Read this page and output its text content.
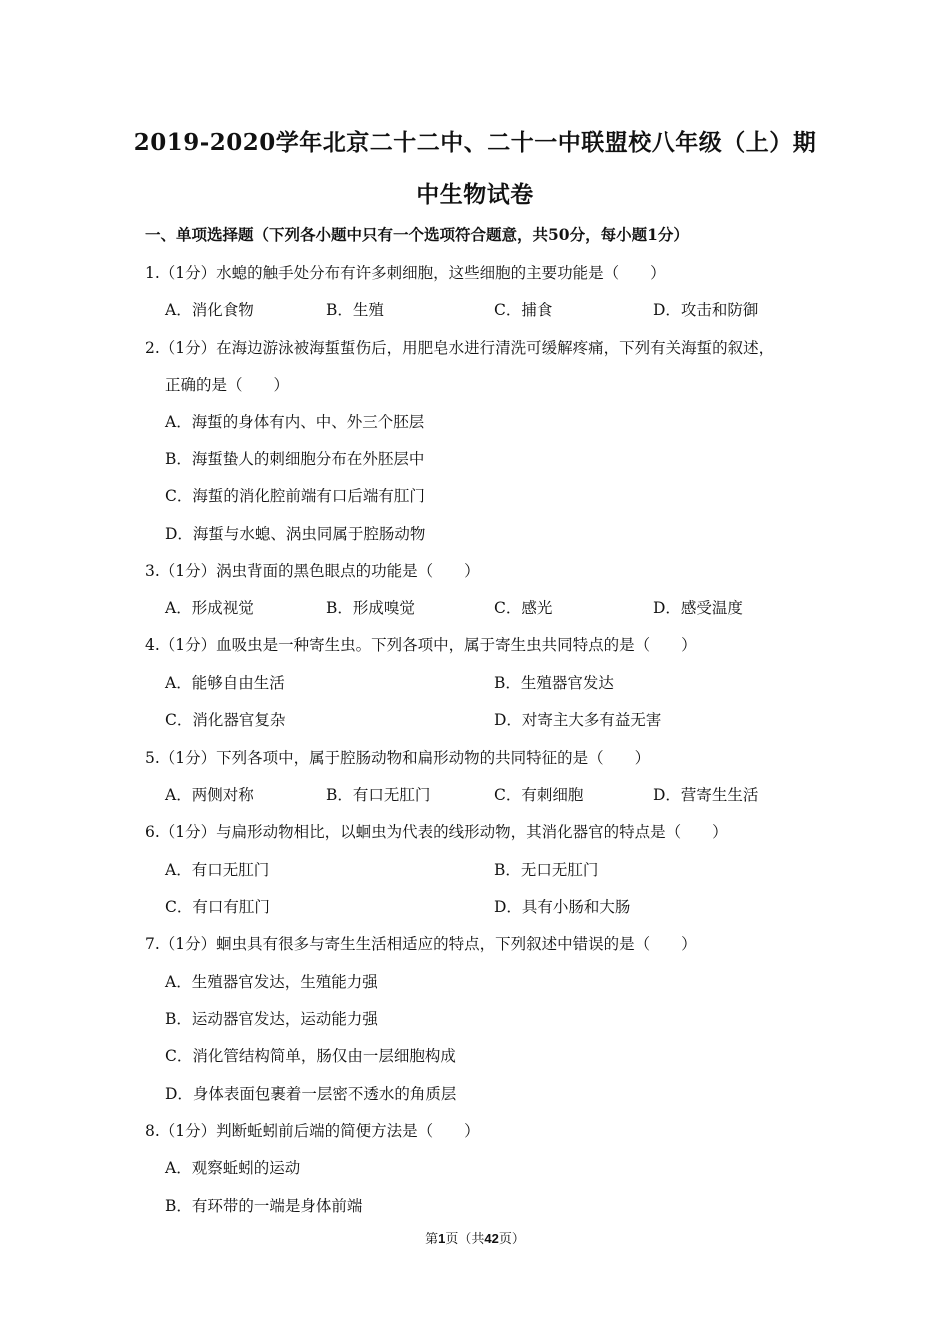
2019-2020学年北京二十二中、二十一中联盟校八年级（上）期
中生物试卷
一、单项选择题（下列各小题中只有一个选项符合题意，共50分，每小题1分）
1.（1分）水螅的触手处分布有许多刺细胞，这些细胞的主要功能是（　　）
A．消化食物	B．生殖	C．捕食	D．攻击和防御
2.（1分）在海边游泳被海蜇蜇伤后，用肥皂水进行清洗可缓解疼痛，下列有关海蜇的叙述，
正确的是（　　）
A．海蜇的身体有内、中、外三个胚层
B．海蜇蛰人的刺细胞分布在外胚层中
C．海蜇的消化腔前端有口后端有肛门
D．海蜇与水螅、涡虫同属于腔肠动物
3.（1分）涡虫背面的黑色眼点的功能是（　　）
A．形成视觉	B．形成嗅觉	C．感光	D．感受温度
4.（1分）血吸虫是一种寄生虫。下列各项中，属于寄生虫共同特点的是（　　）
A．能够自由生活	B．生殖器官发达
C．消化器官复杂	D．对寄主大多有益无害
5.（1分）下列各项中，属于腔肠动物和扁形动物的共同特征的是（　　）
A．两侧对称	B．有口无肛门	C．有刺细胞	D．营寄生生活
6.（1分）与扁形动物相比，以蛔虫为代表的线形动物，其消化器官的特点是（　　）
A．有口无肛门	B．无口无肛门
C．有口有肛门	D．具有小肠和大肠
7.（1分）蛔虫具有很多与寄生生活相适应的特点，下列叙述中错误的是（　　）
A．生殖器官发达，生殖能力强
B．运动器官发达，运动能力强
C．消化管结构简单，肠仅由一层细胞构成
D．身体表面包裹着一层密不透水的角质层
8.（1分）判断蚯蚓前后端的简便方法是（　　）
A．观察蚯蚓的运动
B．有环带的一端是身体前端
第1页（共42页）
